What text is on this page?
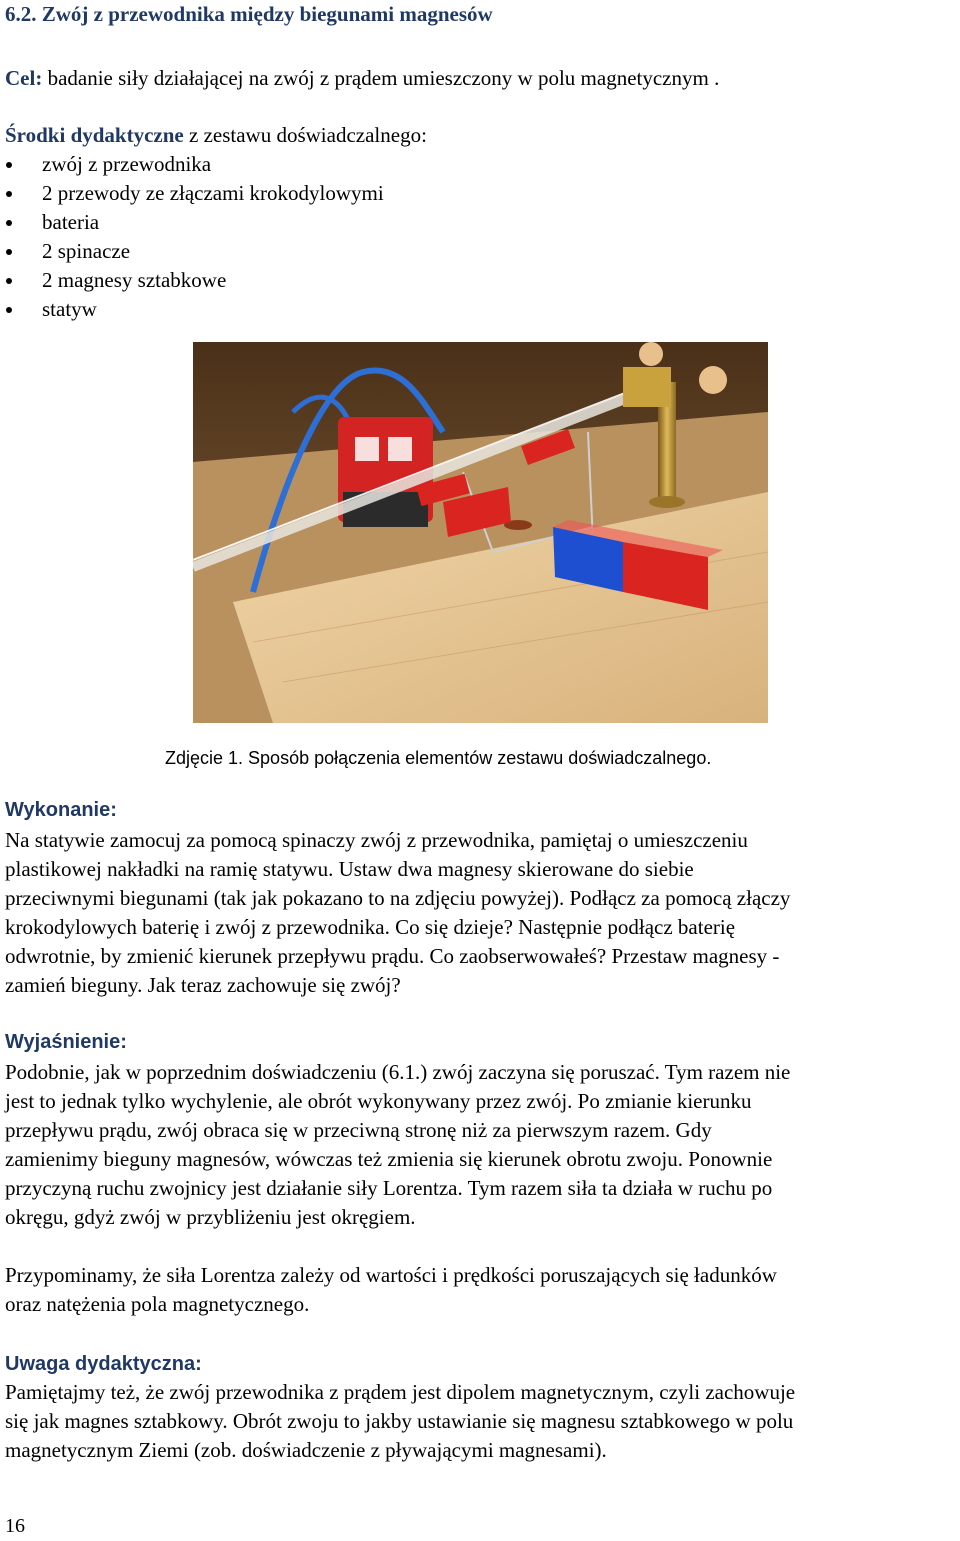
6.2. Zwój z przewodnika między biegunami magnesów
Cel: badanie siły działającej na zwój z prądem umieszczony w polu magnetycznym .
Środki dydaktyczne z zestawu doświadczalnego:
zwój z przewodnika
2 przewody ze złączami krokodylowymi
bateria
2 spinacze
2 magnesy sztabkowe
statyw
Zdjęcie 1. Sposób połączenia elementów zestawu doświadczalnego.
Wykonanie:
Na statywie zamocuj za pomocą spinaczy zwój z przewodnika, pamiętaj o umieszczeniu
plastikowej nakładki na ramię statywu. Ustaw dwa magnesy skierowane do siebie
przeciwnymi biegunami (tak jak pokazano to na zdjęciu powyżej). Podłącz za pomocą złączy
krokodylowych baterię i zwój z przewodnika. Co się dzieje? Następnie podłącz baterię
odwrotnie, by zmienić kierunek przepływu prądu. Co zaobserwowałeś? Przestaw magnesy -
zamień bieguny. Jak teraz zachowuje się zwój?
Wyjaśnienie:
Podobnie, jak w poprzednim doświadczeniu (6.1.) zwój zaczyna się poruszać. Tym razem nie
jest to jednak tylko wychylenie, ale obrót wykonywany przez zwój. Po zmianie kierunku
przepływu prądu, zwój obraca się w przeciwną stronę niż za pierwszym razem. Gdy
zamienimy bieguny magnesów, wówczas też zmienia się kierunek obrotu zwoju. Ponownie
przyczyną ruchu zwojnicy jest działanie siły Lorentza. Tym razem siła ta działa w ruchu po
okręgu, gdyż zwój w przybliżeniu jest okręgiem.
Przypominamy, że siła Lorentza zależy od wartości i prędkości poruszających się ładunków
oraz natężenia pola magnetycznego.
Uwaga dydaktyczna:
Pamiętajmy też, że zwój przewodnika z prądem jest dipolem magnetycznym, czyli zachowuje
się jak magnes sztabkowy. Obrót zwoju to jakby ustawianie się magnesu sztabkowego w polu
magnetycznym Ziemi (zob. doświadczenie z pływającymi magnesami).
16
